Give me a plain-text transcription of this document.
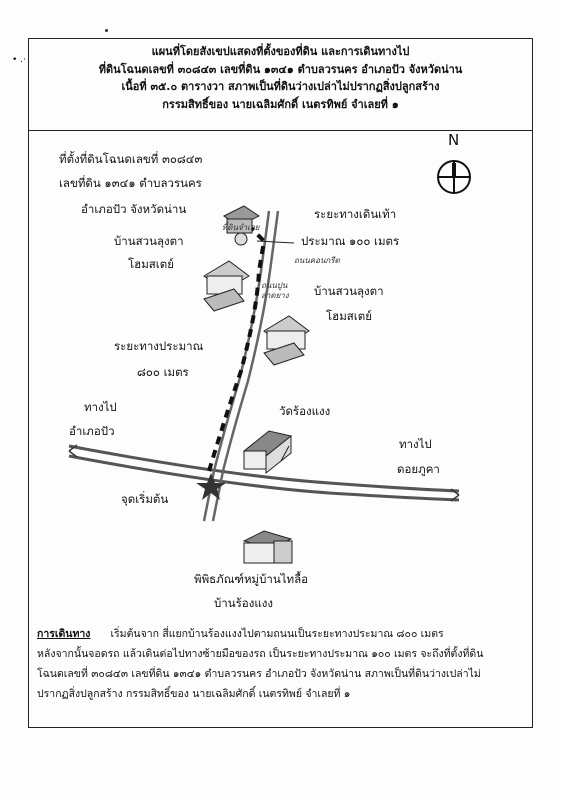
• .·
แผนที่โดยสังเขปแสดงที่ตั้งของที่ดิน และการเดินทางไป
ที่ดินโฉนดเลขที่ ๓๐๘๔๓ เลขที่ดิน ๑๓๔๑ ตำบลวรนคร อำเภอปัว จังหวัดน่าน
เนื้อที่ ๓๕.๐ ตารางวา สภาพเป็นที่ดินว่างเปล่าไม่ปรากฏสิ่งปลูกสร้าง
กรรมสิทธิ์ของ นายเฉลิมศักดิ์ เนตรทิพย์ จำเลยที่ ๑
N
ที่ตั้งที่ดินโฉนดเลขที่ ๓๐๘๔๓
เลขที่ดิน ๑๓๔๑ ตำบลวรนคร
อำเภอปัว จังหวัดน่าน
บ้านสวนลุงตา
โฮมสเตย์
ระยะทางเดินเท้า
ประมาณ ๑๐๐ เมตร
บ้านสวนลุงตา
โฮมสเตย์
ระยะทางประมาณ
๘๐๐ เมตร
ทางไป
อำเภอปัว
วัดร้องแงง
ทางไป
ดอยภูคา
จุดเริ่มต้น
พิพิธภัณฑ์หมู่บ้านไทลื้อ
บ้านร้องแงง
ที่ดินจำเลย
ถนนคอนกรีต
ถนนปูน ลาดยาง
การเดินทาง เริ่มต้นจาก สี่แยกบ้านร้องแงงไปตามถนนเป็นระยะทางประมาณ ๘๐๐ เมตร
หลังจากนั้นจอดรถ แล้วเดินต่อไปทางซ้ายมือของรถ เป็นระยะทางประมาณ ๑๐๐ เมตร จะถึงที่ตั้งที่ดิน
โฉนดเลขที่ ๓๐๘๔๓ เลขที่ดิน ๑๓๔๑ ตำบลวรนคร อำเภอปัว จังหวัดน่าน สภาพเป็นที่ดินว่างเปล่าไม่
ปรากฏสิ่งปลูกสร้าง กรรมสิทธิ์ของ นายเฉลิมศักดิ์ เนตรทิพย์ จำเลยที่ ๑
